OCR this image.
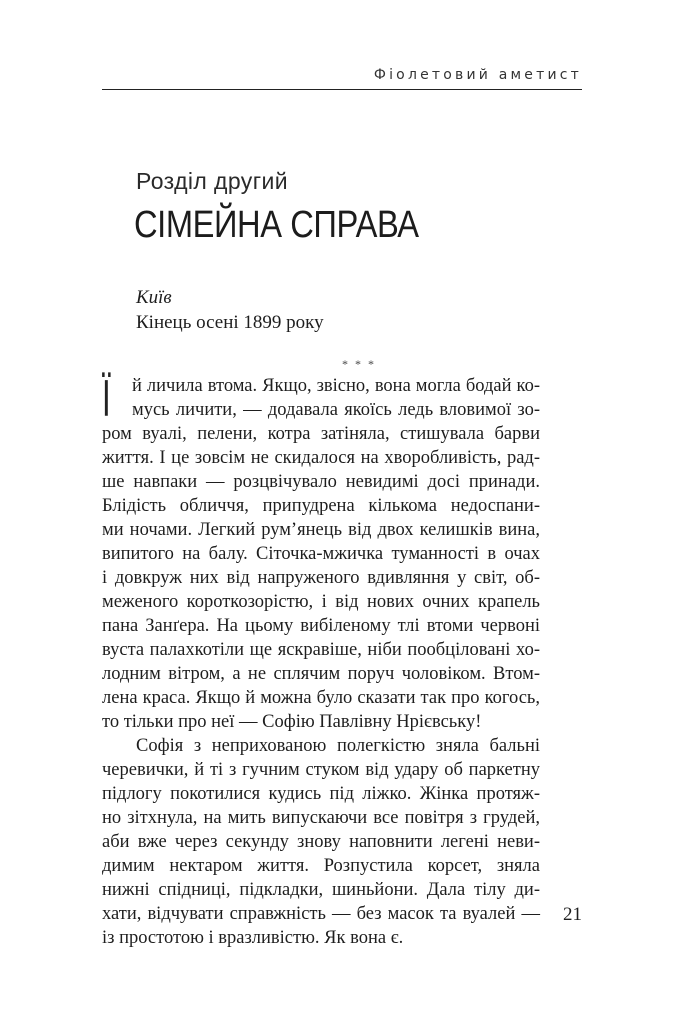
Фіолетовий аметист
Розділ другий
СІМЕЙНА СПРАВА
Київ
Кінець осені 1899 року
* * *
Ї	й личила втома. Якщо, звісно, вона могла бодай ко-
мусь личити, — додавала якоїсь ледь вловимої зо-
ром вуалі, пелени, котра затіняла, стишувала барви
життя. І це зовсім не скидалося на хворобливість, рад-
ше навпаки — розцвічувало невидимі досі принади.
Блідість обличчя, припудрена кількома недоспани-
ми ночами. Легкий рум’янець від двох келишків вина,
випитого на балу. Сіточка-мжичка туманності в очах
і довкруж них від напруженого вдивляння у світ, об-
меженого короткозорістю, і від нових очних крапель
пана Занґера. На цьому вибіленому тлі втоми червоні
вуста палахкотіли ще яскравіше, ніби пообціловані хо-
лодним вітром, а не сплячим поруч чоловіком. Втом-
лена краса. Якщо й можна було сказати так про когось,
то тільки про неї — Софію Павлівну Нрієвську!
Софія з неприхованою полегкістю зняла бальні
черевички, й ті з гучним стуком від удару об паркетну
підлогу покотилися кудись під ліжко. Жінка протяж-
но зітхнула, на мить випускаючи все повітря з грудей,
аби вже через секунду знову наповнити легені неви-
димим нектаром життя. Розпустила корсет, зняла
нижні спідниці, підкладки, шиньйони. Дала тілу ди-
хати, відчувати справжність — без масок та вуалей —
із простотою і вразливістю. Як вона є.
21
